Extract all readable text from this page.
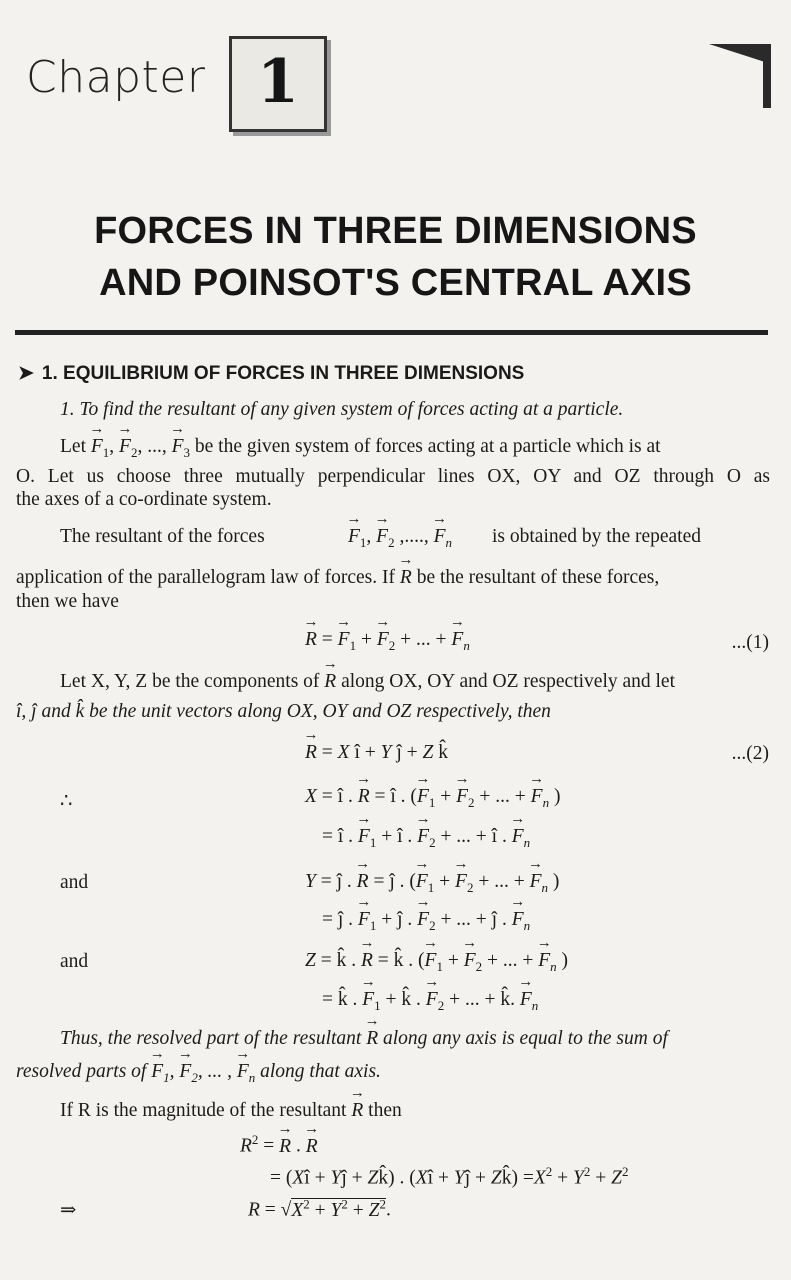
Chapter 1
FORCES IN THREE DIMENSIONS
AND POINSOT'S CENTRAL AXIS
➤ 1. EQUILIBRIUM OF FORCES IN THREE DIMENSIONS
1. To find the resultant of any given system of forces acting at a particle.
Let → $F_1$, → $F_2$, ..., → $F_3$ be the given system of forces acting at a particle which is at
O. Let us choose three mutually perpendicular lines OX, OY and OZ through O as
the axes of a co-ordinate system.
The resultant of the forces	→ $F_1$, → $F_2$ ,...., → $F_n$ is obtained by the repeated
application of the parallelogram law of forces. If → R be the resultant of these forces,
then we have
→ R = → $F_1$ + → $F_2$ + ... + → $F_n$	...(1)
Let X, Y, Z be the components of → R along OX, OY and OZ respectively and let
î, ĵ and k̂ be the unit vectors along OX, OY and OZ respectively, then
→ R = X î + Y ĵ + Z k̂	...(2)
∴	X = î . → R = î . (→ $F_1$ + → $F_2$ + ... + → $F_n$ )
= î . → $F_1$ + î . → $F_2$ + ... + î . → $F_n$
and	Y = ĵ . → R = ĵ . (→ $F_1$ + → $F_2$ + ... + → $F_n$ )
= ĵ . → $F_1$ + ĵ . → $F_2$ + ... + ĵ . → $F_n$
and	Z = k̂ . → R = k̂ . (→ $F_1$ + → $F_2$ + ... + → $F_n$ )
= k̂ . → $F_1$ + k̂ . → $F_2$ + ... + k̂. → $F_n$
Thus, the resolved part of the resultant → R along any axis is equal to the sum of
resolved parts of → $F_1$, → $F_2$, ... , → $F_n$ along that axis.
If R is the magnitude of the resultant → R then
$R^2$ = → R . → R
= (Xî + Yĵ + Zk̂) . (Xî + Yĵ + Zk̂) $=X^2 + Y^2 + Z^2$
⇒	$R = √X^2 + Y^2 + Z^2$.
